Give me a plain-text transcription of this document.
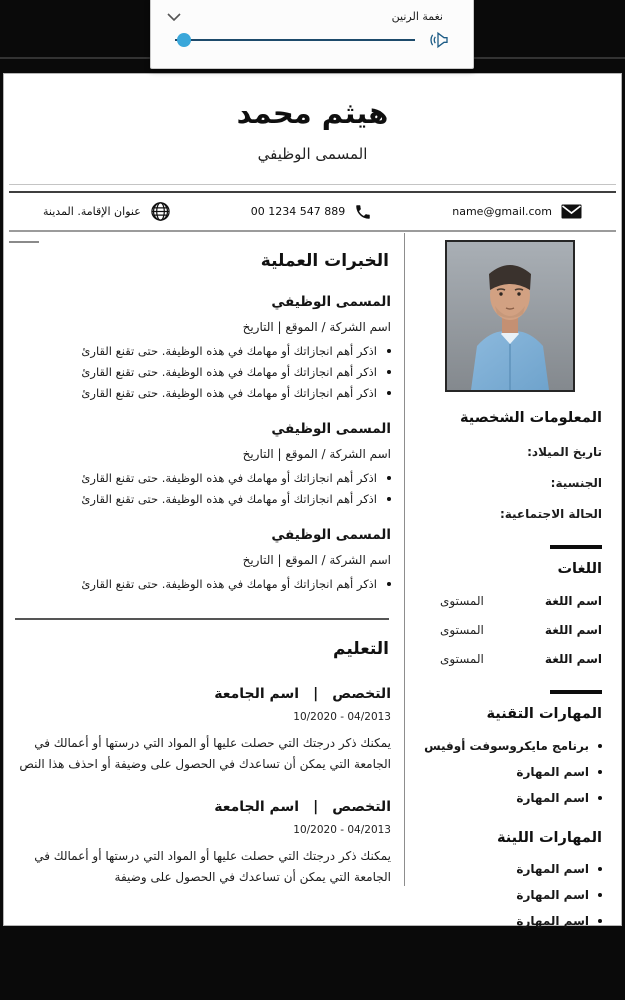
نغمة الرنين
هيثم محمد
المسمى الوظيفي
name@gmail.com
00 1234 547 889
عنوان الإقامة. المدينة
الخبرات العملية
المسمى الوظيفي
اسم الشركة / الموقع | التاريخ
اذكر أهم انجازاتك أو مهامك في هذه الوظيفة. حتى تقنع القارئ
اذكر أهم انجازاتك أو مهامك في هذه الوظيفة. حتى تقنع القارئ
اذكر أهم انجازاتك أو مهامك في هذه الوظيفة. حتى تقنع القارئ
المسمى الوظيفي
اسم الشركة / الموقع | التاريخ
اذكر أهم انجازاتك أو مهامك في هذه الوظيفة. حتى تقنع القارئ
اذكر أهم انجازاتك أو مهامك في هذه الوظيفة. حتى تقنع القارئ
المسمى الوظيفي
اسم الشركة / الموقع | التاريخ
اذكر أهم انجازاتك أو مهامك في هذه الوظيفة. حتى تقنع القارئ
التعليم
التخصص|اسم الجامعة
10/2020 - 04/2013

يمكنك ذكر درجتك التي حصلت عليها أو المواد التي درستها أو أعمالك في الجامعة التي يمكن أن تساعدك في الحصول على وضيفة أو احذف هذا النص

التخصص|اسم الجامعة
10/2020 - 04/2013

يمكنك ذكر درجتك التي حصلت عليها أو المواد التي درستها أو أعمالك في الجامعة التي يمكن أن تساعدك في الحصول على وضيفة

المعلومات الشخصية
تاريخ الميلاد:
الجنسية:
الحالة الاجتماعية:
اللغات
اسم اللغة
المستوى
اسم اللغة
المستوى
اسم اللغة
المستوى
المهارات التقنية
برنامج مايكروسوفت أوفيس
اسم المهارة
اسم المهارة
المهارات اللينة
اسم المهارة
اسم المهارة
اسم المهارة
